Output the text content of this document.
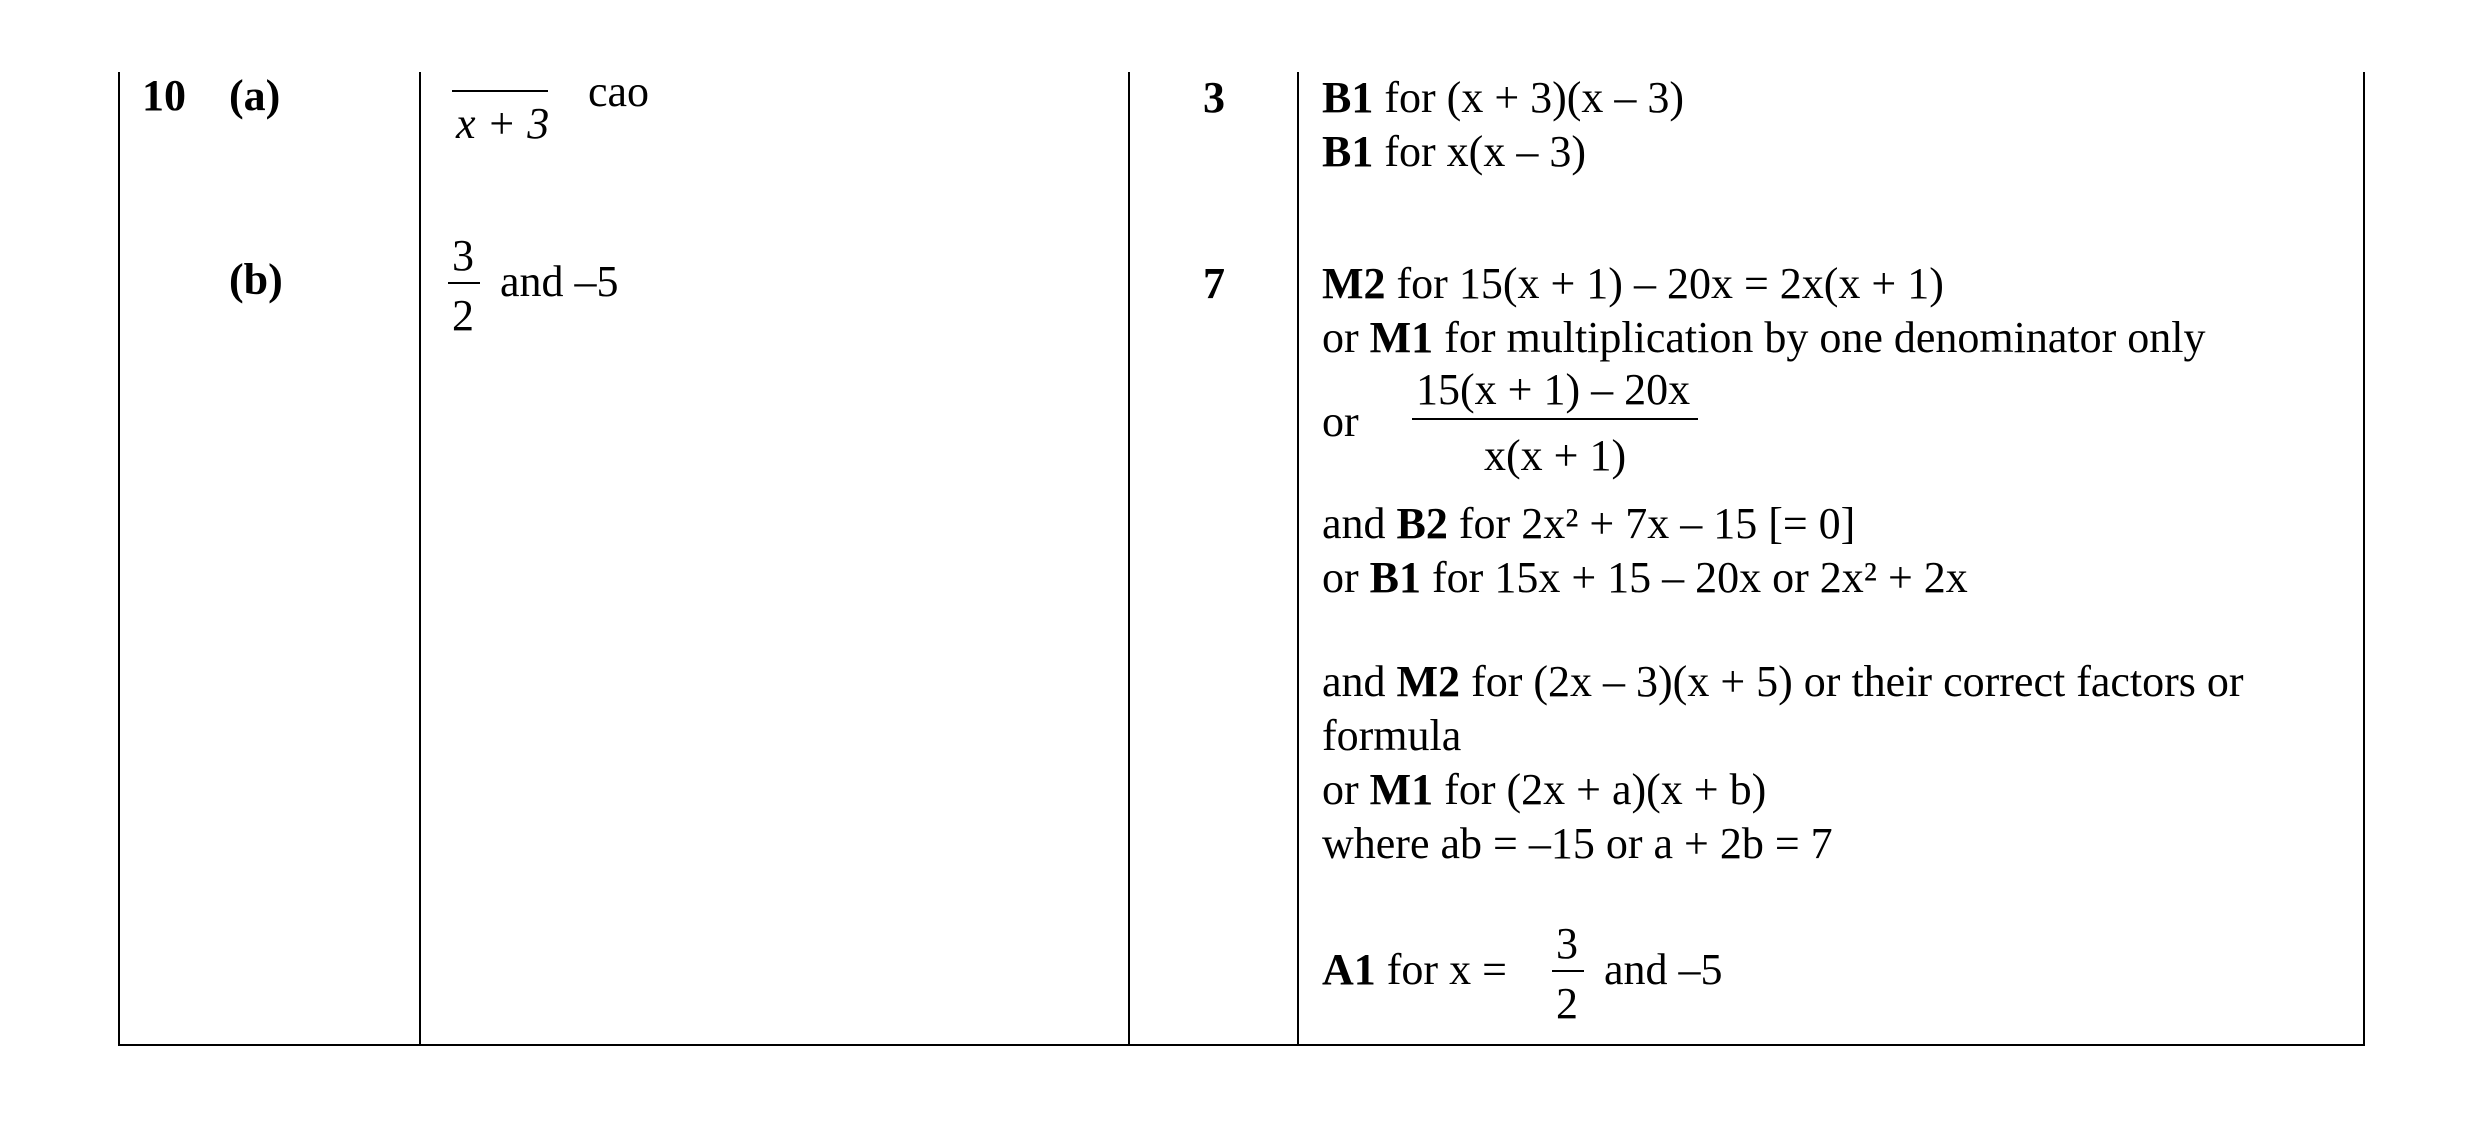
10 (a)
(b)
x + 3
cao	3 B1 for (x + 3)(x – 3)
B1 for x(x – 3)
3
2
and –5	7 M2 for 15(x + 1) – 20x = 2x(x + 1)
or M1 for multiplication by one denominator only
or
15(x + 1) – 20x
x(x + 1)
and B2 for 2x² + 7x – 15 [= 0]
or B1 for 15x + 15 – 20x or 2x² + 2x
and M2 for (2x – 3)(x + 5) or their correct factors or
formula
or M1 for (2x + a)(x + b)
where ab = –15 or a + 2b = 7
A1 for x =
3
2
and –5
